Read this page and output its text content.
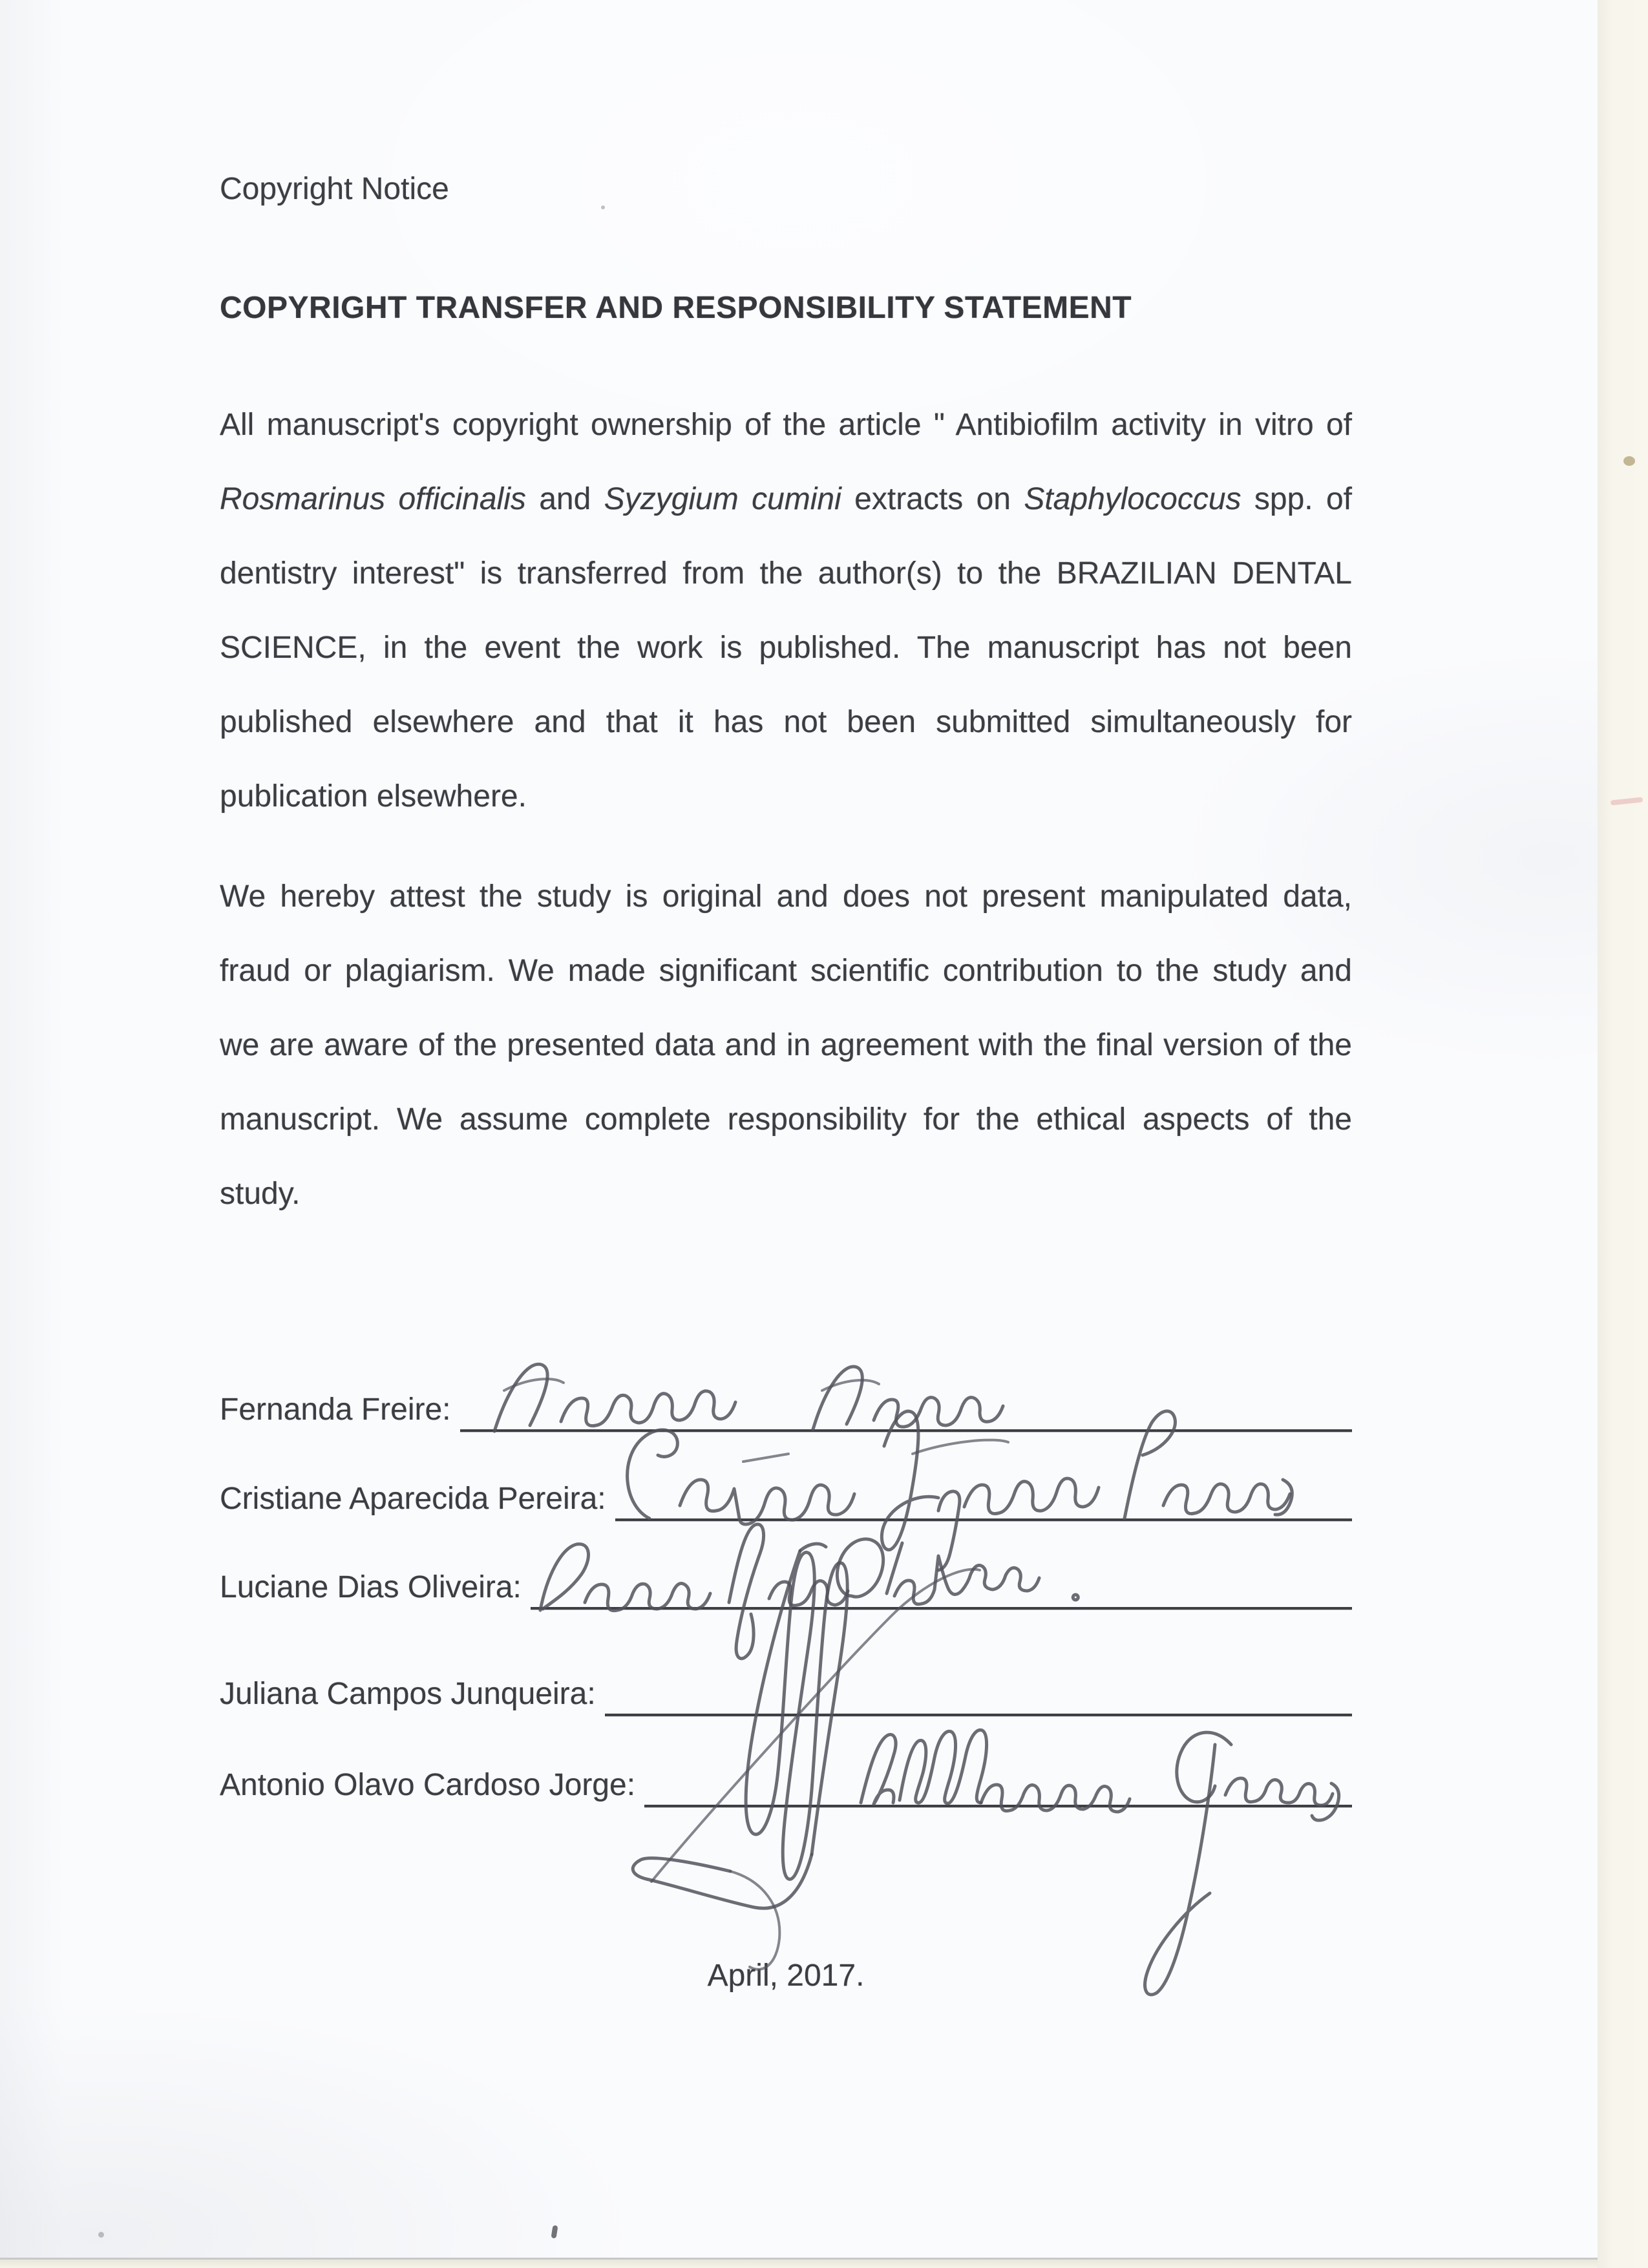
Copyright Notice
COPYRIGHT TRANSFER AND RESPONSIBILITY STATEMENT
All manuscript's copyright ownership of the article " Antibiofilm activity in vitro of
Rosmarinus officinalis and Syzygium cumini extracts on Staphylococcus spp. of
dentistry interest" is transferred from the author(s) to the BRAZILIAN DENTAL
SCIENCE, in the event the work is published. The manuscript has not been
published elsewhere and that it has not been submitted simultaneously for
publication elsewhere.
We hereby attest the study is original and does not present manipulated data,
fraud or plagiarism. We made significant scientific contribution to the study and
we are aware of the presented data and in agreement with the final version of the
manuscript. We assume complete responsibility for the ethical aspects of the
study.
Fernanda Freire:
Cristiane Aparecida Pereira:
Luciane Dias Oliveira:
Juliana Campos Junqueira:
Antonio Olavo Cardoso Jorge:
April, 2017.
